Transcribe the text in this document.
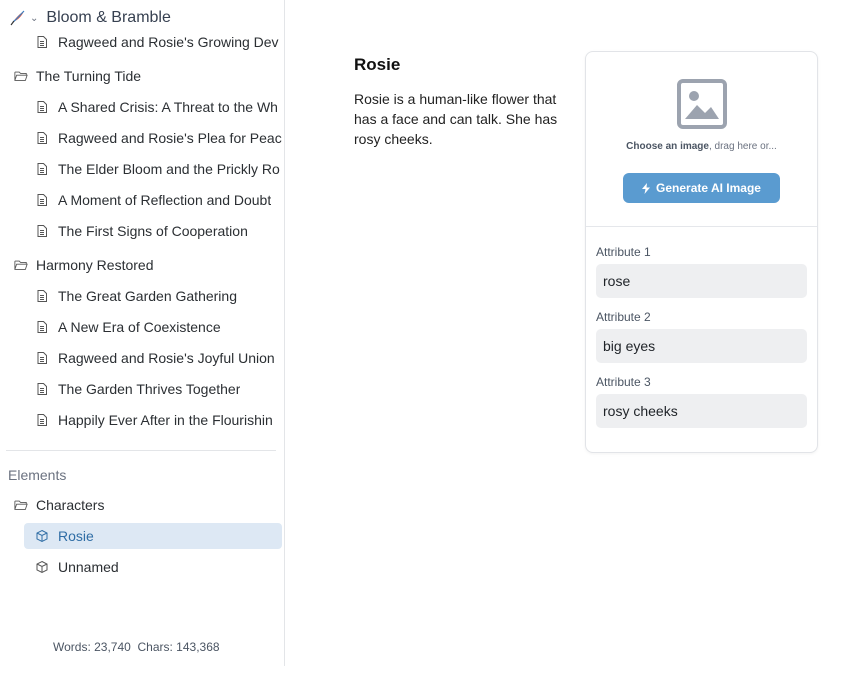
⌄ Bloom & Bramble
Ragweed and Rosie's Growing Dev
The Turning Tide
A Shared Crisis: A Threat to the Wh
Ragweed and Rosie's Plea for Peac
The Elder Bloom and the Prickly Ro
A Moment of Reflection and Doubt
The First Signs of Cooperation
Harmony Restored
The Great Garden Gathering
A New Era of Coexistence
Ragweed and Rosie's Joyful Union
The Garden Thrives Together
Happily Ever After in the Flourishin
Elements
Characters
Rosie
Unnamed
Words: 23,740 Chars: 143,368
Rosie
Rosie is a human-like flower that has a face and can talk. She has rosy cheeks.	Choose an image, drag here or...
Generate AI Image
Attribute 1
rose
Attribute 2
big eyes
Attribute 3
rosy cheeks
